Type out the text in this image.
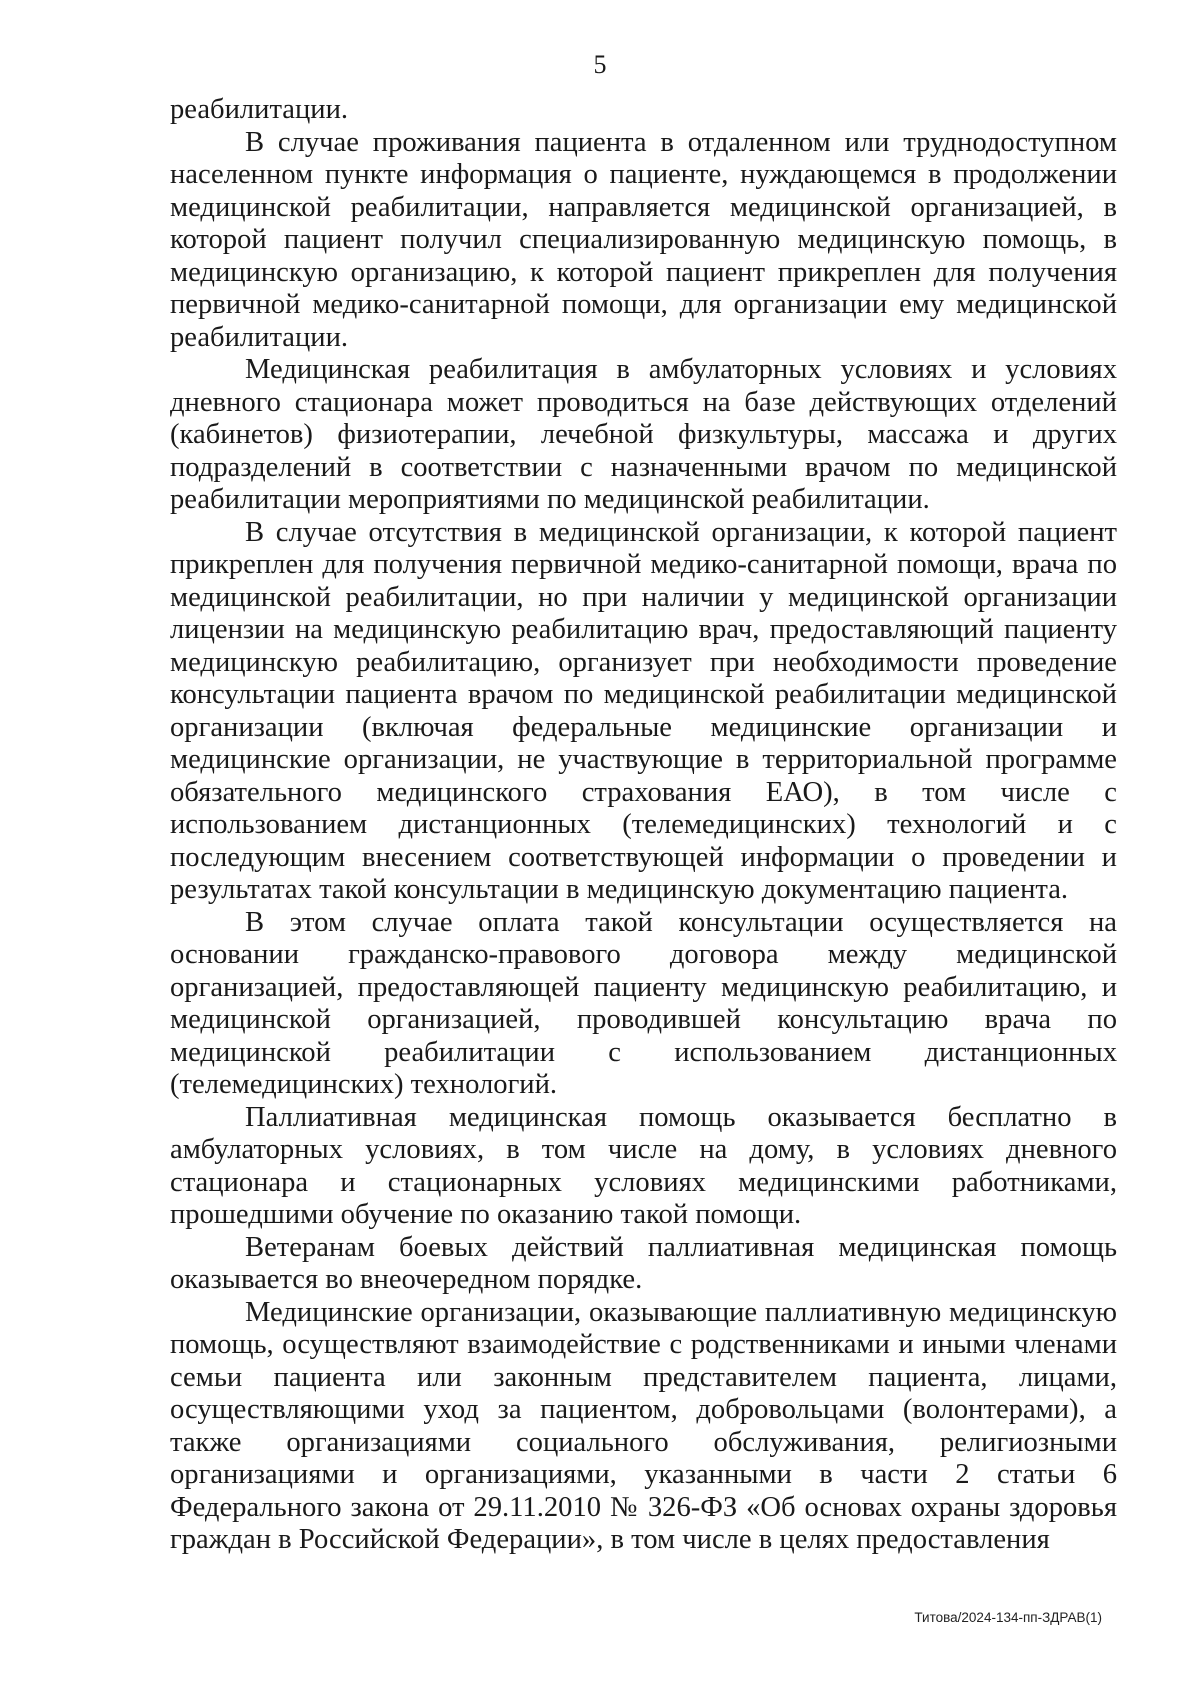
5

реабилитации.

В случае проживания пациента в отдаленном или труднодоступном населенном пункте информация о пациенте, нуждающемся в продолжении медицинской реабилитации, направляется медицинской организацией, в которой пациент получил специализированную медицинскую помощь, в медицинскую организацию, к которой пациент прикреплен для получения первичной медико-санитарной помощи, для организации ему медицинской реабилитации.

Медицинская реабилитация в амбулаторных условиях и условиях дневного стационара может проводиться на базе действующих отделений (кабинетов) физиотерапии, лечебной физкультуры, массажа и других подразделений в соответствии с назначенными врачом по медицинской реабилитации мероприятиями по медицинской реабилитации.

В случае отсутствия в медицинской организации, к которой пациент прикреплен для получения первичной медико-санитарной помощи, врача по медицинской реабилитации, но при наличии у медицинской организации лицензии на медицинскую реабилитацию врач, предоставляющий пациенту медицинскую реабилитацию, организует при необходимости проведение консультации пациента врачом по медицинской реабилитации медицинской организации (включая федеральные медицинские организации и медицинские организации, не участвующие в территориальной программе обязательного медицинского страхования ЕАО), в том числе с использованием дистанционных (телемедицинских) технологий и с последующим внесением соответствующей информации о проведении и результатах такой консультации в медицинскую документацию пациента.

В этом случае оплата такой консультации осуществляется на основании гражданско-правового договора между медицинской организацией, предоставляющей пациенту медицинскую реабилитацию, и медицинской организацией, проводившей консультацию врача по медицинской реабилитации с использованием дистанционных (телемедицинских) технологий.

Паллиативная медицинская помощь оказывается бесплатно в амбулаторных условиях, в том числе на дому, в условиях дневного стационара и стационарных условиях медицинскими работниками, прошедшими обучение по оказанию такой помощи.

Ветеранам боевых действий паллиативная медицинская помощь оказывается во внеочередном порядке.

Медицинские организации, оказывающие паллиативную медицинскую помощь, осуществляют взаимодействие с родственниками и иными членами семьи пациента или законным представителем пациента, лицами, осуществляющими уход за пациентом, добровольцами (волонтерами), а также организациями социального обслуживания, религиозными организациями и организациями, указанными в части 2 статьи 6 Федерального закона от 29.11.2010 № 326-ФЗ «Об основах охраны здоровья граждан в Российской Федерации», в том числе в целях предоставления

Титова/2024-134-пп-ЗДРАВ(1)
